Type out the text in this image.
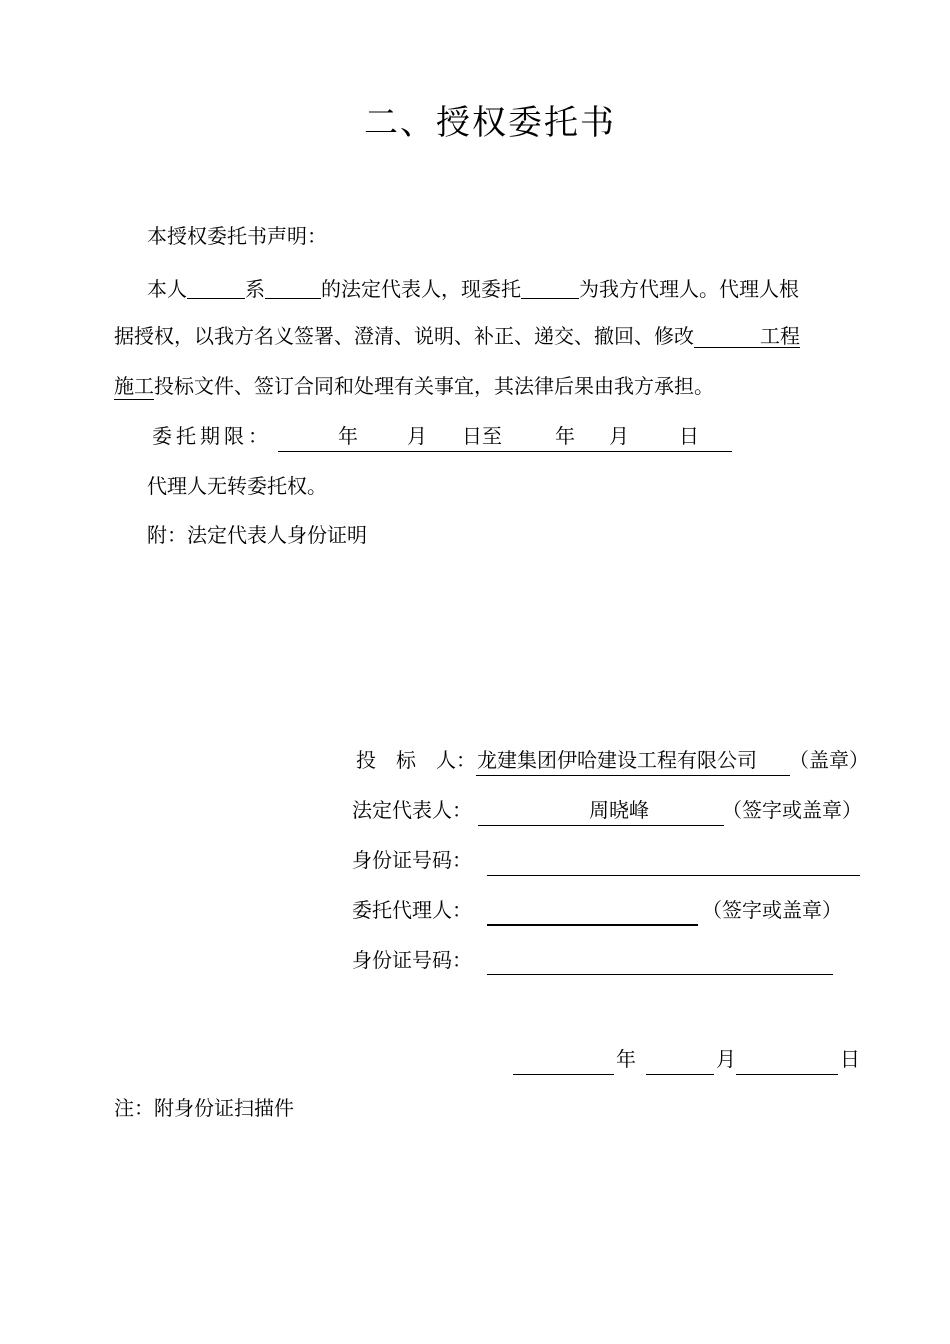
二、授权委托书
本授权委托书声明：
本人	系	的法定代表人，现委托	为我方代理人。代理人根
据授权，以我方名义签署、澄清、说明、补正、递交、撤回、修改	工程
施工投标文件、签订合同和处理有关事宜，其法律后果由我方承担。
委托期限：	年 月 日至	年 月	日
代理人无转委托权。
附：法定代表人身份证明
投　标　人： 龙建集团伊哈建设工程有限公司 （盖章）
法定代表人：	周晓峰	（签字或盖章）
身份证号码：
委托代理人：	（签字或盖章）
身份证号码：
年	月	日
注：附身份证扫描件
